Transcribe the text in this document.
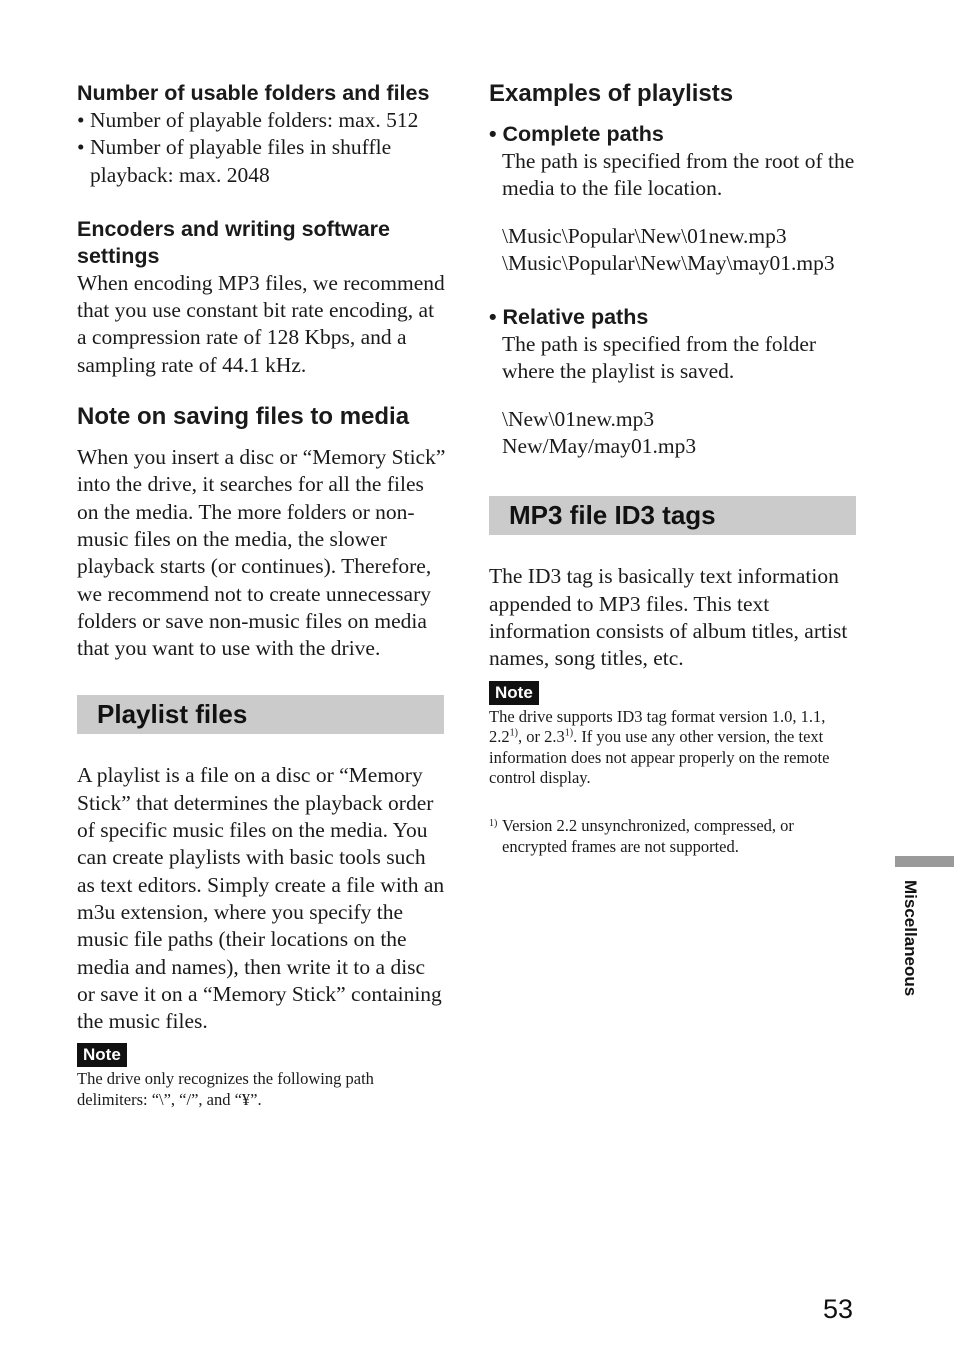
Number of usable folders and files
• Number of playable folders: max. 512
• Number of playable files in shuffle playback: max. 2048
Encoders and writing software settings

When encoding MP3 files, we recommend that you use constant bit rate encoding, at a compression rate of 128 Kbps, and a sampling rate of 44.1 kHz.

Note on saving files to media

When you insert a disc or “Memory Stick” into the drive, it searches for all the files on the media. The more folders or non-music files on the media, the slower playback starts (or continues). Therefore, we recommend not to create unnecessary folders or save non-music files on media that you want to use with the drive.

Playlist files

A playlist is a file on a disc or “Memory Stick” that determines the playback order of specific music files on the media. You can create playlists with basic tools such as text editors. Simply create a file with an m3u extension, where you specify the music file paths (their locations on the media and names), then write it to a disc or save it on a “Memory Stick” containing the music files.

Note

The drive only recognizes the following path delimiters: “\”, “/”, and “¥”.

Examples of playlists
• Complete paths

The path is specified from the root of the media to the file location.

\Music\Popular\New\01new.mp3
\Music\Popular\New\May\may01.mp3
• Relative paths

The path is specified from the folder where the playlist is saved.

\New\01new.mp3
New/May/may01.mp3
MP3 file ID3 tags

The ID3 tag is basically text information appended to MP3 files. This text information consists of album titles, artist names, song titles, etc.

Note

The drive supports ID3 tag format version 1.0, 1.1, 2.2$^{1)}$, or 2.3$^{1)}$. If you use any other version, the text information does not appear properly on the remote control display.

1) Version 2.2 unsynchronized, compressed, or encrypted frames are not supported.

Miscellaneous
53
